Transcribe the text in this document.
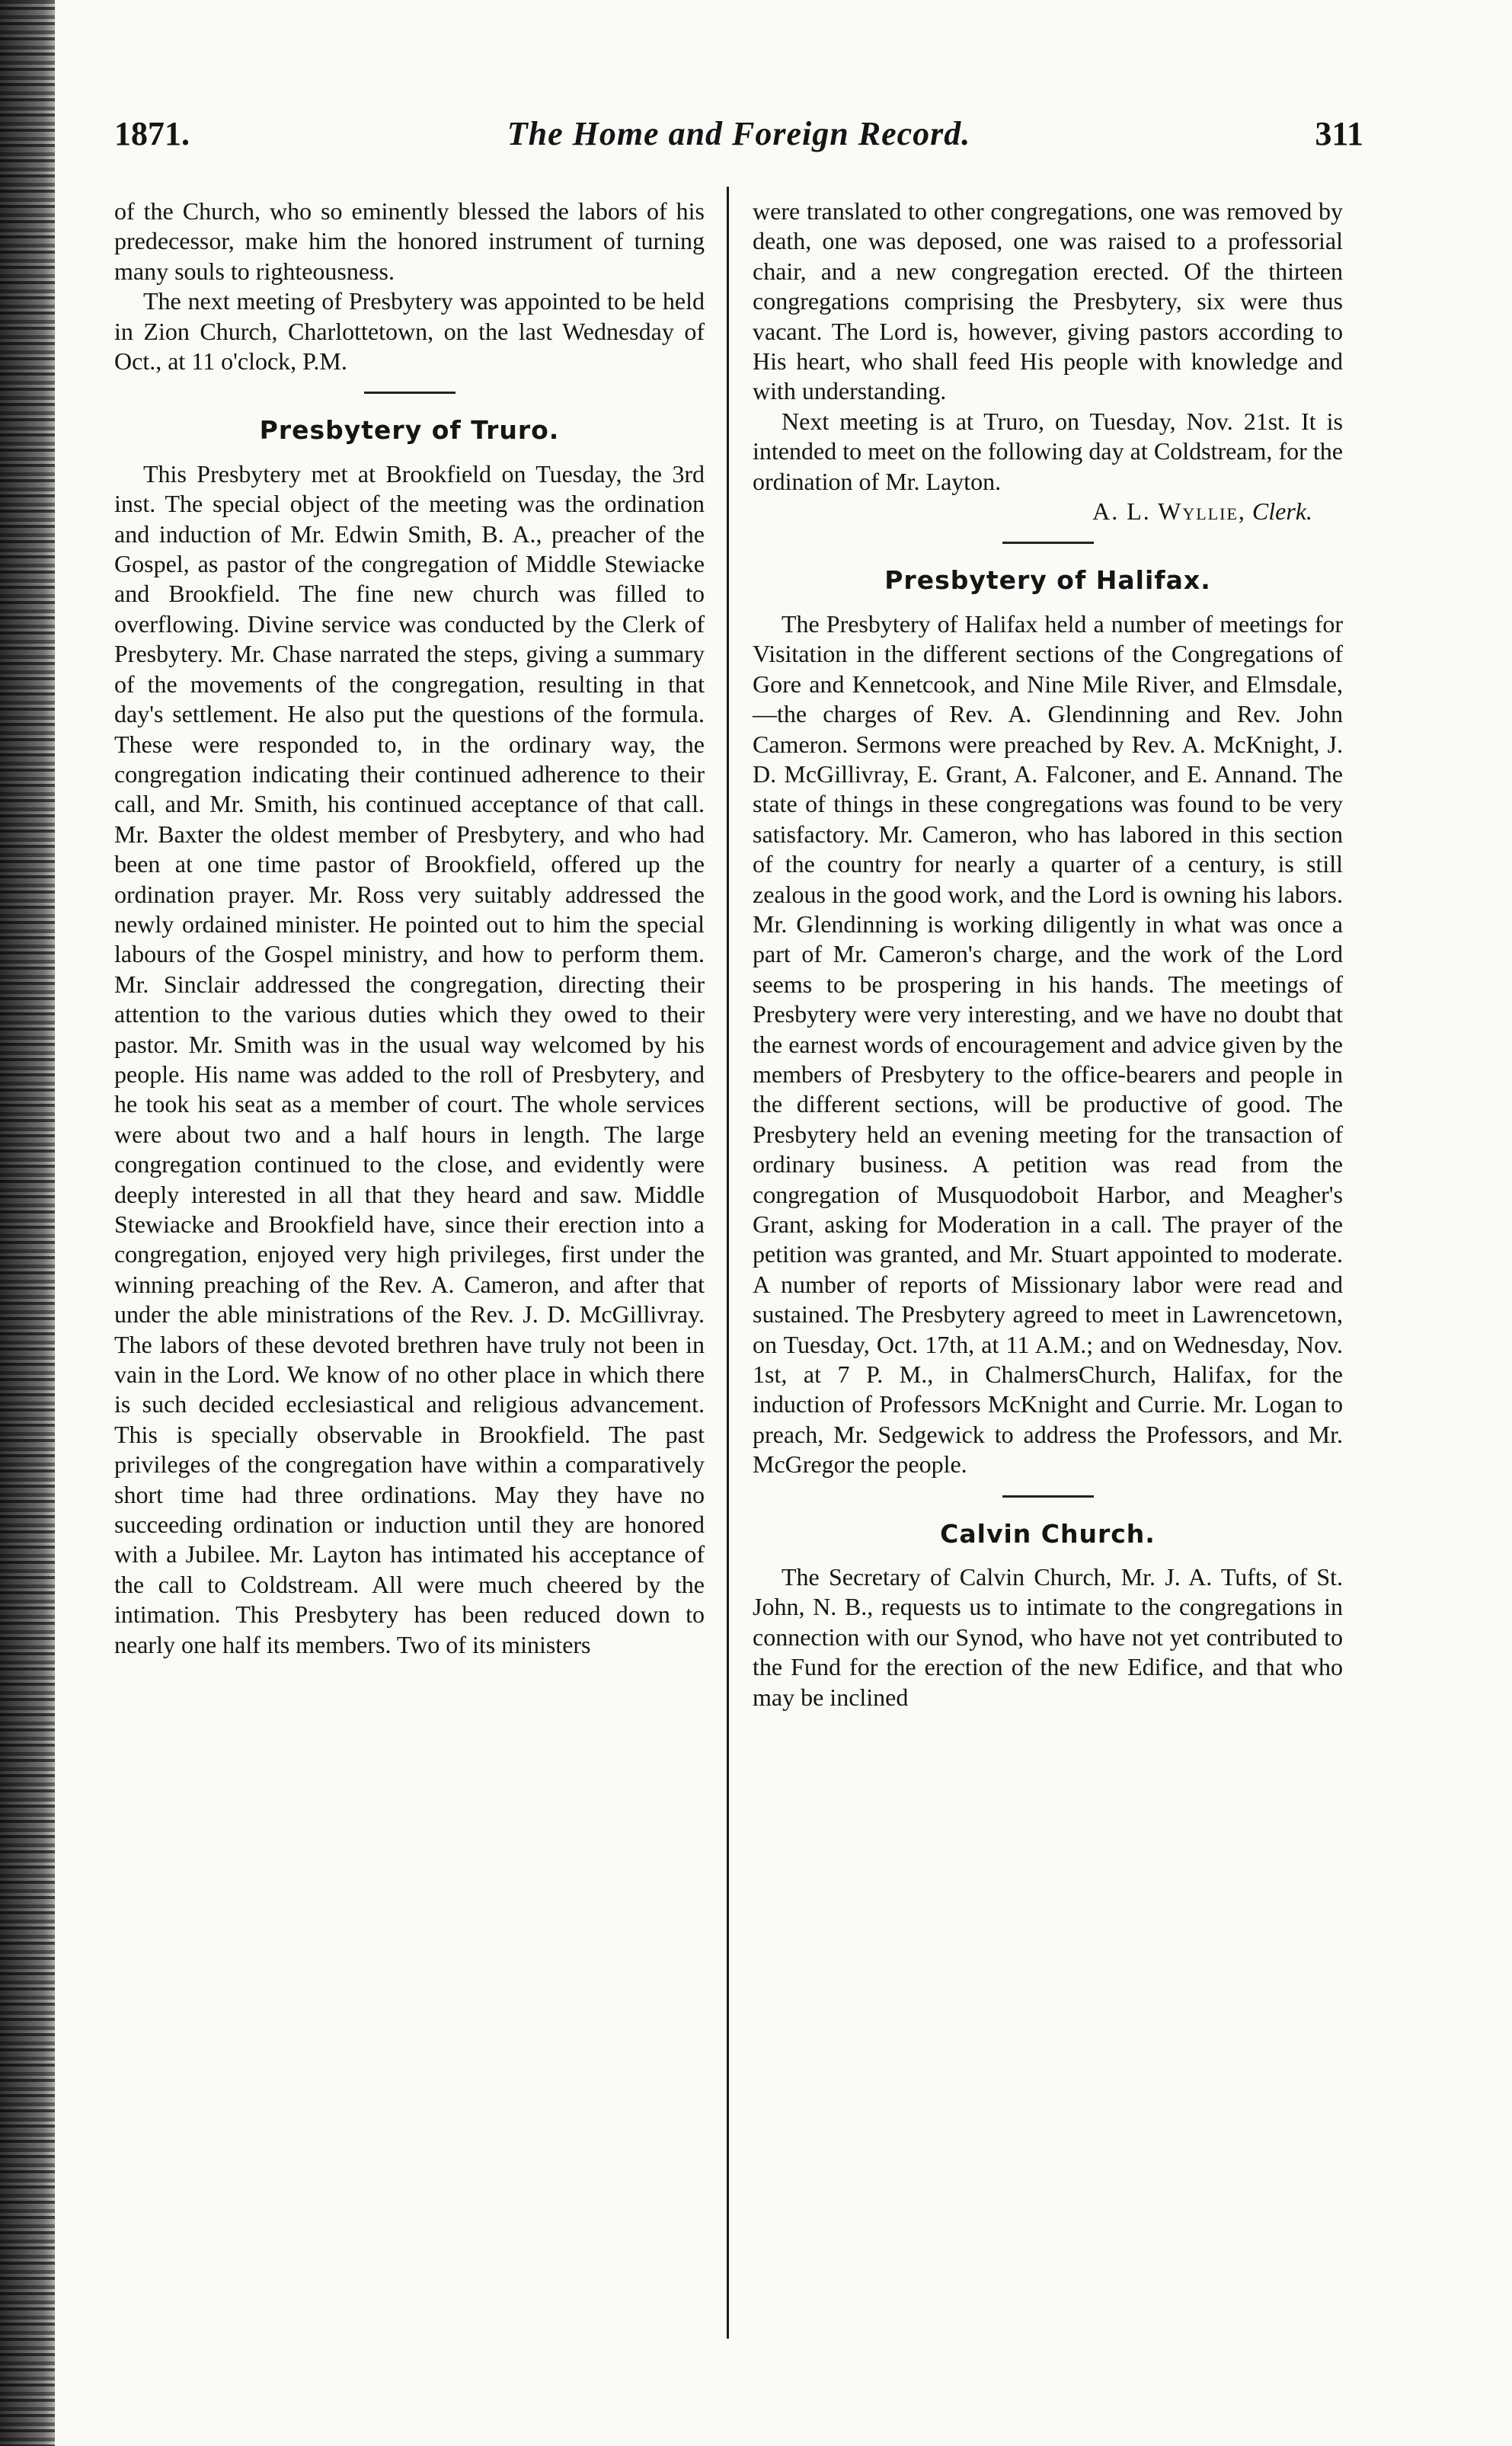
1871.	The Home and Foreign Record.	311

of the Church, who so eminently blessed the labors of his predecessor, make him the honored instrument of turning many souls to righteousness.

The next meeting of Presbytery was appointed to be held in Zion Church, Charlottetown, on the last Wednesday of Oct., at 11 o'clock, P.M.

Presbytery of Truro.

This Presbytery met at Brookfield on Tuesday, the 3rd inst. The special object of the meeting was the ordination and induction of Mr. Edwin Smith, B. A., preacher of the Gospel, as pastor of the congregation of Middle Stewiacke and Brookfield. The fine new church was filled to overflowing. Divine service was conducted by the Clerk of Presbytery. Mr. Chase narrated the steps, giving a summary of the movements of the congregation, resulting in that day's settlement. He also put the questions of the formula. These were responded to, in the ordinary way, the congregation indicating their continued adherence to their call, and Mr. Smith, his continued acceptance of that call. Mr. Baxter the oldest member of Presbytery, and who had been at one time pastor of Brookfield, offered up the ordination prayer. Mr. Ross very suitably addressed the newly ordained minister. He pointed out to him the special labours of the Gospel ministry, and how to perform them. Mr. Sinclair addressed the congregation, directing their attention to the various duties which they owed to their pastor. Mr. Smith was in the usual way welcomed by his people. His name was added to the roll of Presbytery, and he took his seat as a member of court. The whole services were about two and a half hours in length. The large congregation continued to the close, and evidently were deeply interested in all that they heard and saw. Middle Stewiacke and Brookfield have, since their erection into a congregation, enjoyed very high privileges, first under the winning preaching of the Rev. A. Cameron, and after that under the able ministrations of the Rev. J. D. McGillivray. The labors of these devoted brethren have truly not been in vain in the Lord. We know of no other place in which there is such decided ecclesiastical and religious advancement. This is specially observable in Brookfield. The past privileges of the congregation have within a comparatively short time had three ordinations. May they have no succeeding ordination or induction until they are honored with a Jubilee. Mr. Layton has intimated his acceptance of the call to Coldstream. All were much cheered by the intimation. This Presbytery has been reduced down to nearly one half its members. Two of its ministers

were translated to other congregations, one was removed by death, one was deposed, one was raised to a professorial chair, and a new congregation erected. Of the thirteen congregations comprising the Presbytery, six were thus vacant. The Lord is, however, giving pastors according to His heart, who shall feed His people with knowledge and with understanding.

Next meeting is at Truro, on Tuesday, Nov. 21st. It is intended to meet on the following day at Coldstream, for the ordination of Mr. Layton.

A. L. Wyllie, Clerk.

Presbytery of Halifax.

The Presbytery of Halifax held a number of meetings for Visitation in the different sections of the Congregations of Gore and Kennetcook, and Nine Mile River, and Elmsdale,—the charges of Rev. A. Glendinning and Rev. John Cameron. Sermons were preached by Rev. A. McKnight, J. D. McGillivray, E. Grant, A. Falconer, and E. Annand. The state of things in these congregations was found to be very satisfactory. Mr. Cameron, who has labored in this section of the country for nearly a quarter of a century, is still zealous in the good work, and the Lord is owning his labors. Mr. Glendinning is working diligently in what was once a part of Mr. Cameron's charge, and the work of the Lord seems to be prospering in his hands. The meetings of Presbytery were very interesting, and we have no doubt that the earnest words of encouragement and advice given by the members of Presbytery to the office-bearers and people in the different sections, will be productive of good. The Presbytery held an evening meeting for the transaction of ordinary business. A petition was read from the congregation of Musquodoboit Harbor, and Meagher's Grant, asking for Moderation in a call. The prayer of the petition was granted, and Mr. Stuart appointed to moderate. A number of reports of Missionary labor were read and sustained. The Presbytery agreed to meet in Lawrencetown, on Tuesday, Oct. 17th, at 11 A.M.; and on Wednesday, Nov. 1st, at 7 P. M., in ChalmersChurch, Halifax, for the induction of Professors McKnight and Currie. Mr. Logan to preach, Mr. Sedgewick to address the Professors, and Mr. McGregor the people.

Calvin Church.

The Secretary of Calvin Church, Mr. J. A. Tufts, of St. John, N. B., requests us to intimate to the congregations in connection with our Synod, who have not yet contributed to the Fund for the erection of the new Edifice, and that who may be inclined
